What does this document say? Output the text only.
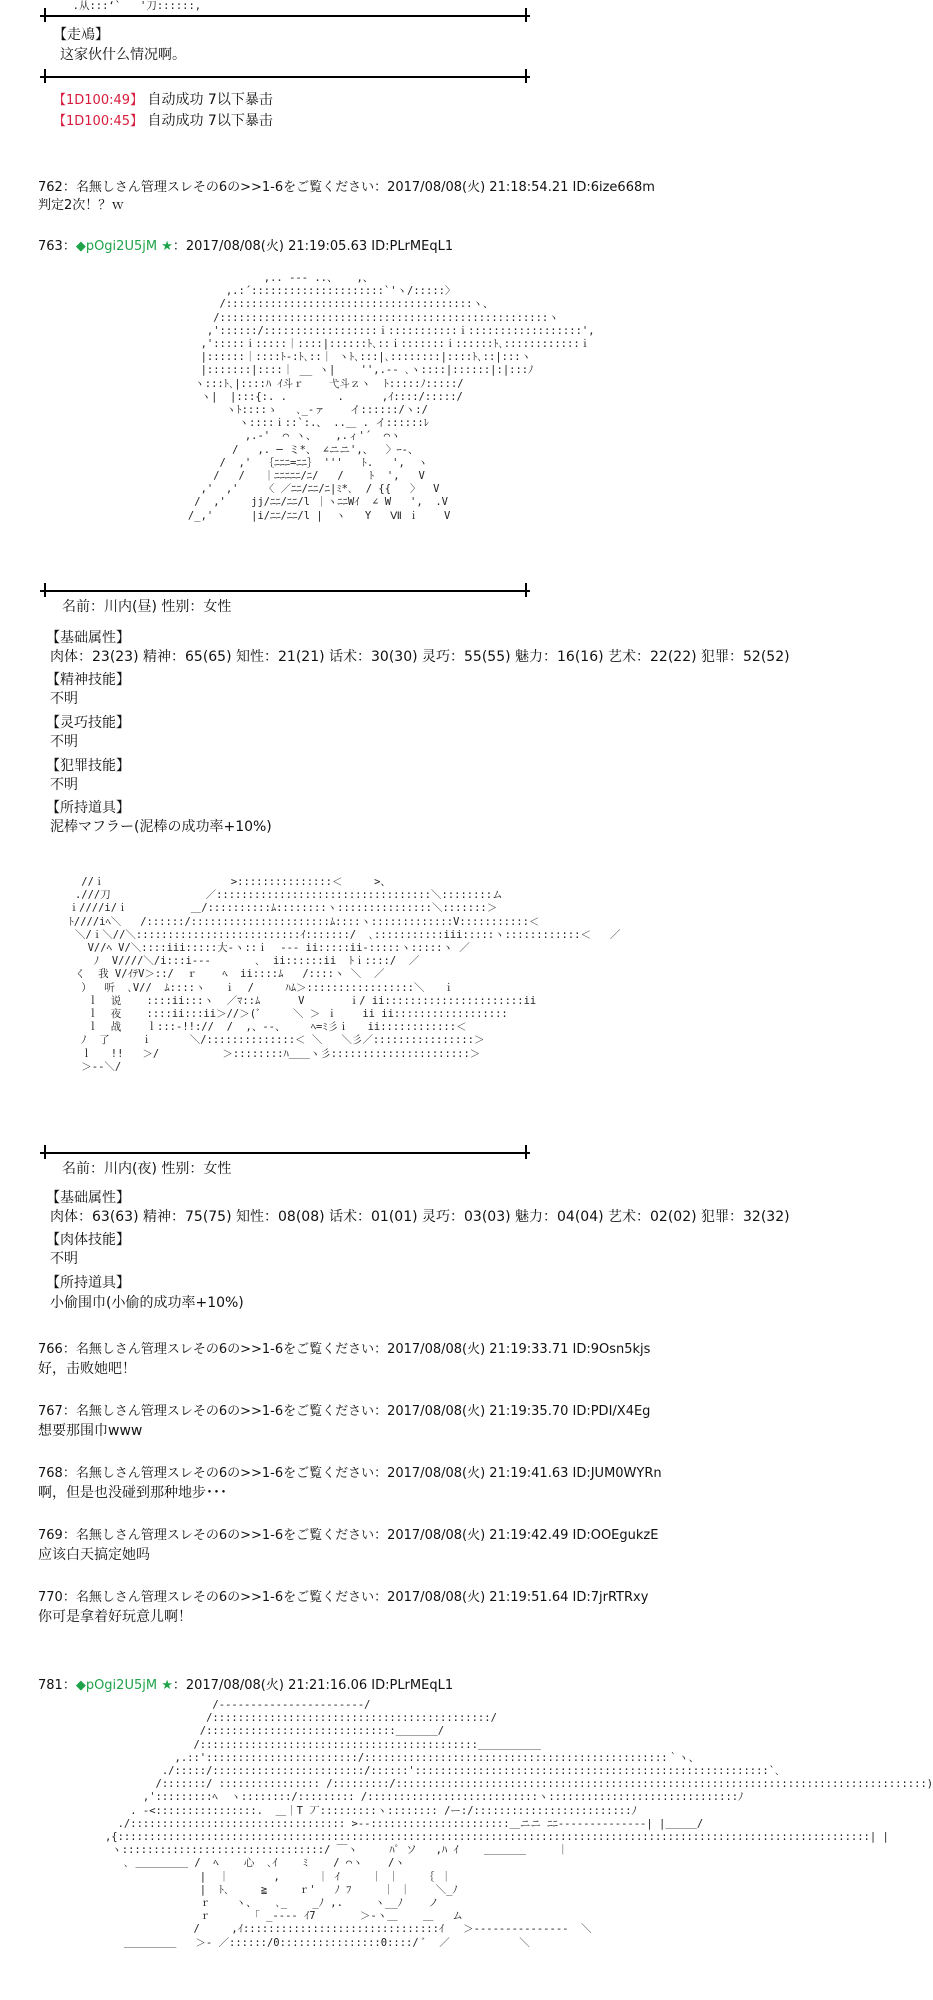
.从:::‘`   '刀::::::,
【走鳰】
这家伙什么情况啊。
【1D100:49】 自动成功 7以下暴击
【1D100:45】 自动成功 7以下暴击
762：名無しさん管理スレその6の>>1-6をご覧ください：2017/08/08(火) 21:18:54.21 ID:6ize668m
判定2次！？ｗ
763：◆pOgi2U5jM ★：2017/08/08(火) 21:19:05.63 ID:PLrMEqL1
,.. ‐-‐ ..、   ,、
,.:´:::::::::::::::::::::`'ヽ/:::::〉
/:::::::::::::::::::::::::::::::::::::::ヽ、
/::::::::::::::::::::::::::::::::::::::::::::::::::::ヽ
,'::::::/::::::::::::::::::ｉ:::::::::::ｉ::::::::::::::::::',
,':::::ｉ:::::｜::::|::::::ﾄ､::ｉ:::::::ｉ::::::ﾄ､::::::::::::ｉ
|::::::｜::::ﾄ-:ﾄ､::｜ ヽﾄ､:::|､::::::::|::::ﾄ､::|:::ヽ
|:::::::|::::｜ __ ヽ|    '',.‐‐ ､ヽ::::|::::::|:|:::ﾉ
ヽ:::ﾄ､|::::ﾊ ｲ斗ｒ    弋斗ｚヽ  ﾄ:::::ﾉ:::::/
ヽ|  |:::{:. .        .      ,ｲ::::/:::::/
ヽﾄ::::ゝ   ､_‐ァ    イ::::::/ヽ:/
ヽ::::ｉ::`:.、 ..＿ . イ::::::ﾚ
,.‐'  ⌒ ヽ、   ,.ィ'´  ⌒ヽ
/   ,. ─ ミ*、 ∠ニニ',、  〉ｰ-、
/  ,'  ｛ﾆﾆﾆ=ﾆﾆ｝ '''   ﾄ.   ',  ヽ
/   /   ｜ﾆﾆﾆﾆﾆ/ﾆ/   /    ﾄ  ',   V
,'  ,'    〈 ／ﾆﾆ/ﾆﾆ/ﾆ|ﾐ*､  / {{   〉  V
/  ,'    jj/ﾆﾆ/ﾆﾆ/l ｜ヽﾆﾆWｲ  ∠ W   ',  .V
/_,'      |i/ﾆﾆ/ﾆﾆ/l |  ヽ   Y   Ⅶ ｉ    V
名前：川内(昼) 性别：女性
【基础属性】
肉体：23(23) 精神：65(65) 知性：21(21) 话术：30(30) 灵巧：55(55) 魅力：16(16) 艺术：22(22) 犯罪：52(52)
【精神技能】
不明
【灵巧技能】
不明
【犯罪技能】
不明
【所持道具】
泥棒マフラー(泥棒の成功率+10%)
//ｉ                    >:::::::::::::::＜     >、
.///刀               ／::::::::::::::::::::::::::::::::::＼::::::::ム
ｉ////i/ｉ          ＿/::::::::::ﾑ::::::::ヽ:::::::::::::::＼:::::::＞
ﾄ////iﾍ＼   /::::::/::::::::::::::::::::::ﾑ::::ヽ:::::::::::::V:::::::::::＜
＼/ｉ＼//＼::::::::::::::::::::::::::ｲ:::::::/  ､:::::::::::iii:::::ヽ::::::::::::＜   ／
V//ﾍ V/＼::::iii:::::大-ヽ::ｉ  ‐‐‐ ii:::::ii-:::::ヽ:::::ヽ ／
ﾉ  V////＼/i:::i‐‐-       ､  ii::::::ii  ﾄｉ::::/  ／
く  我 V/ｲﾃV＞::/  ｒ    ﾍ  ii::::ﾑ   /::::ヽ ＼  ／
）  听  ､V//  ﾑ::::ヽ   ｉ  /     ﾊﾑ＞:::::::::::::::::＼   ｉ
ｌ  说    ::::ii:::ヽ  ／ﾏ::ﾑ      V       ｉ/ ii::::::::::::::::::::::ii
ｌ  夜    ::::ii:::ii＞//＞(ﾞ     ＼ ＞ ｉ    ii ii::::::::::::::::::
ｌ  战    ｌ:::‐!!://  /  ,、‐‐、    ﾍ=ﾐ彡ｉ   ii::::::::::::＜
ﾉ  了     ｉ      ＼/::::::::::::::＜ ＼   ＼彡／::::::::::::::::＞
ｌ   !!   ＞/          ＞::::::::ﾊ＿＿ヽ彡::::::::::::::::::::::＞
＞‐‐＼/
名前：川内(夜) 性别：女性
【基础属性】
肉体：63(63) 精神：75(75) 知性：08(08) 话术：01(01) 灵巧：03(03) 魅力：04(04) 艺术：02(02) 犯罪：32(32)
【肉体技能】
不明
【所持道具】
小偷围巾(小偷的成功率+10%)
766：名無しさん管理スレその6の>>1-6をご覧ください：2017/08/08(火) 21:19:33.71 ID:9Osn5kjs
好，击败她吧！
767：名無しさん管理スレその6の>>1-6をご覧ください：2017/08/08(火) 21:19:35.70 ID:PDI/X4Eg
想要那围巾www
768：名無しさん管理スレその6の>>1-6をご覧ください：2017/08/08(火) 21:19:41.63 ID:JUM0WYRn
啊，但是也没碰到那种地步･･･
769：名無しさん管理スレその6の>>1-6をご覧ください：2017/08/08(火) 21:19:42.49 ID:OOEgukzE
应该白天搞定她吗
770：名無しさん管理スレその6の>>1-6をご覧ください：2017/08/08(火) 21:19:51.64 ID:7jrRTRxy
你可是拿着好玩意儿啊！
781：◆pOgi2U5jM ★：2017/08/08(火) 21:21:16.06 ID:PLrMEqL1
/‐‐‐‐‐‐‐‐‐‐‐‐‐‐‐‐‐‐‐‐‐‐‐/
/::::::::::::::::::::::::::::::::::::::::::::/
/::::::::::::::::::::::::::::::＿＿＿＿/
/::::::::::::::::::::::::::::::::::::::::::::＿＿＿＿＿＿
,.::'::::::::::::::::::::::::/::::::::::::::::::::::::::::::::::::::::::::::::｀ヽ、
./:::::/::::::::::::::::::::::::/::::::'::::::::::::::::::::::::::::::::::::::::::::::::::::::::`､
/:::::::/ :::::::::::::::: /:::::::::/::::::::::::::::::::::::::::::::::::::::::::::::::::::::::::::::::::::::::::::::::::)
,':::::::::ﾍ  ヽ::::::::/::::::::: /:::::::::::::::::::::::::::ヽ::::::::::::::::::::::::::::::ﾉ
. ‐<::::::::::::::::.  ＿｜T 丆:::::::::ヽ:::::::: /ー:/:::::::::::::::::::::::::ﾉ
./:::::::::::::::::::::::::::::::::: >‐-::::::::::::::::::::::＿ニニ ﾆﾆ‐‐‐‐‐‐‐‐‐‐‐‐‐‐| |＿＿＿/
,{:::::::::::::::::::::::::::::::::::::::::::::::::::::::::::::::::::::::::::::::::::::::::::::::::::::::::::::::::::::::| |
ヽ::::::::::::::::::::::::::::::::/ ￣ヽ     ﾊﾟ ソ   ,ﾊ ｲ    ＿＿＿＿     ｜
､ ＿＿＿＿＿ /  ﾍ    心  ､ｲ    ﾐ    / ⌒ヽ    /ヽ
|  ｜       ,      ｜ ｲ     ｜ ｜    ｛ ｜
|  ﾄ､     ≧     ｒ'   ﾉ ﾌ     ｜ ｜    ＼_ﾉ
ｒ    ヽ、   ､_    _ﾉ ,.     ヽ__ﾉ    ノ
ｒ       ｢ _‐‐‐‐ ｲ7       ＞‐ヽ＿    ＿   ム
/     ,ｲ:::::::::::::::::::::::::::::::ｲ   ＞‐‐‐‐‐‐‐‐‐‐‐‐‐‐‐  ＼
＿＿＿＿＿   ＞‐ ／::::::/0::::::::::::::::0::::/ ﾞ  ／           ＼
